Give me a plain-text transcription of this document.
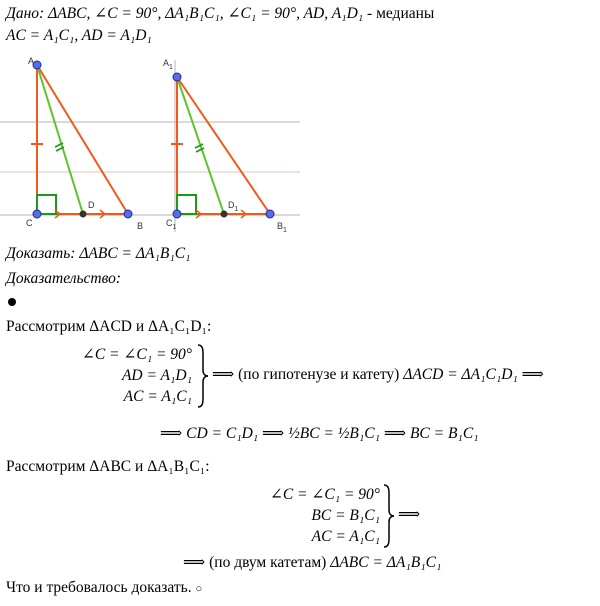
Дано: ΔABC, ∠C = 90°, ΔA₁B₁C₁, ∠C₁ = 90°, AD, A₁D₁ - медианы
AC = A₁C₁, AD = A₁D₁
A
C	B
D
$A_1$
$C_1$	$B_1$
$D_1$
Доказать: ΔABC = ΔA₁B₁C₁
Доказательство:
Рассмотрим ΔACD и ΔA₁C₁D₁:
∠C = ∠C₁ = 90°
AD = A₁D₁
AC = A₁C₁
⟹ (по гипотенузе и катету) ΔACD = ΔA₁C₁D₁ ⟹
⟹ CD = C₁D₁ ⟹ ½BC = ½B₁C₁ ⟹ BC = B₁C₁
Рассмотрим ΔABC и ΔA₁B₁C₁:
∠C = ∠C₁ = 90°
BC = B₁C₁
AC = A₁C₁
⟹
⟹ (по двум катетам) ΔABC = ΔA₁B₁C₁
Что и требовалось доказать. ○
